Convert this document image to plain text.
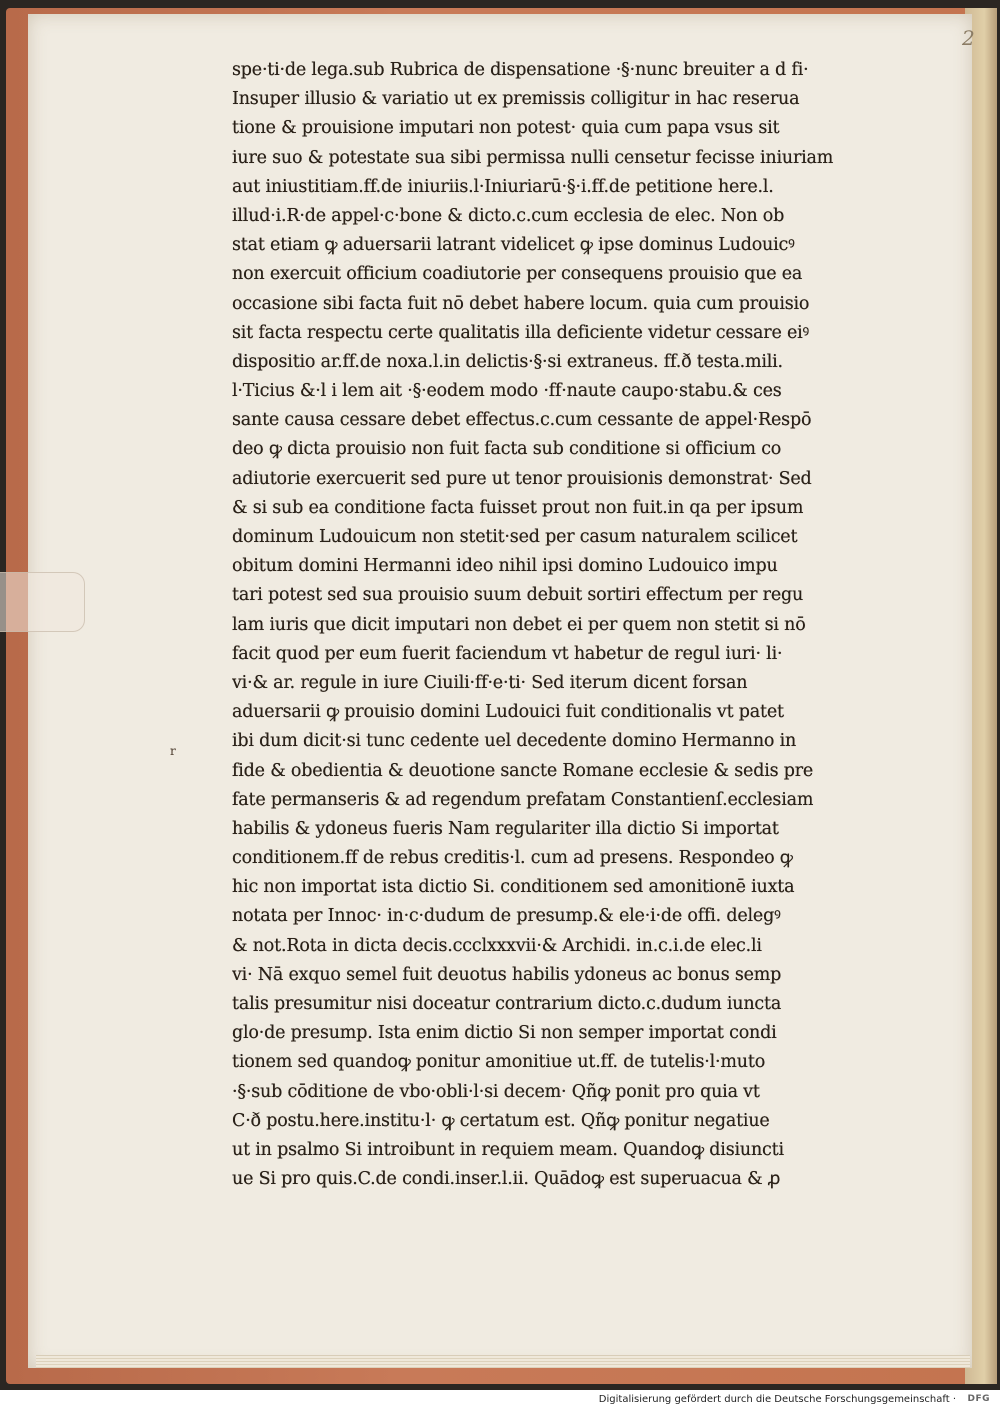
2
r
spe·ti·de lega.sub Rubrica de dispensatione ·§·nunc breuiter a d fi·
Insuper illusio & variatio ut ex premissis colligitur in hac reserua
tione & prouisione imputari non potest· quia cum papa vsus sit
iure suo & potestate sua sibi permissa nulli censetur fecisse iniuriam
aut iniustitiam.ff.de iniuriis.l·Iniuriarū·§·i.ff.de petitione here.l.
illud·i.R·de appel·c·bone & dicto.c.cum ecclesia de elec. Non ob
stat etiam ꝙ aduersarii latrant videlicet ꝙ ipse dominus Ludouicꝰ
non exercuit officium coadiutorie per consequens prouisio que ea
occasione sibi facta fuit nō debet habere locum. quia cum prouisio
sit facta respectu certe qualitatis illa deficiente videtur cessare eiꝰ
dispositio ar.ff.de noxa.l.in delictis·§·si extraneus. ff.ð testa.mili.
l·Ticius &·l i lem ait ·§·eodem modo ·ff·naute caupo·stabu.& ces
sante causa cessare debet effectus.c.cum cessante de appel·Respō
deo ꝙ dicta prouisio non fuit facta sub conditione si officium co
adiutorie exercuerit sed pure ut tenor prouisionis demonstrat· Sed
& si sub ea conditione facta fuisset prout non fuit.in qa per ipsum
dominum Ludouicum non stetit·sed per casum naturalem scilicet
obitum domini Hermanni ideo nihil ipsi domino Ludouico impu
tari potest sed sua prouisio suum debuit sortiri effectum per regu
lam iuris que dicit imputari non debet ei per quem non stetit si nō
facit quod per eum fuerit faciendum vt habetur de regul iuri· li·
vi·& ar. regule in iure Ciuili·ff·e·ti· Sed iterum dicent forsan
aduersarii ꝙ prouisio domini Ludouici fuit conditionalis vt patet
ibi dum dicit·si tunc cedente uel decedente domino Hermanno in
fide & obedientia & deuotione sancte Romane ecclesie & sedis pre
fate permanseris & ad regendum prefatam Constantienſ.ecclesiam
habilis & ydoneus fueris Nam regulariter illa dictio Si importat
conditionem.ff de rebus creditis·l. cum ad presens. Respondeo ꝙ
hic non importat ista dictio Si. conditionem sed amonitionē iuxta
notata per Innoc· in·c·dudum de presump.& ele·i·de offi. delegꝰ
& not.Rota in dicta decis.ccclxxxvii·& Archidi. in.c.i.de elec.li
vi· Nā exquo semel fuit deuotus habilis ydoneus ac bonus semp
talis presumitur nisi doceatur contrarium dicto.c.dudum iuncta
glo·de presump. Ista enim dictio Si non semper importat condi
tionem sed quandoꝙ ponitur amonitiue ut.ff. de tutelis·l·muto
·§·sub cōditione de vbo·obli·l·si decem· Qñꝙ ponit pro quia vt
C·ð postu.here.institu·l· ꝙ certatum est. Qñꝙ ponitur negatiue
ut in psalmo Si introibunt in requiem meam. Quandoꝙ disiuncti
ue Si pro quis.C.de condi.inser.l.ii. Quādoꝙ est superuacua & ꝓ
Digitalisierung gefördert durch die Deutsche Forschungsgemeinschaft · DFG
